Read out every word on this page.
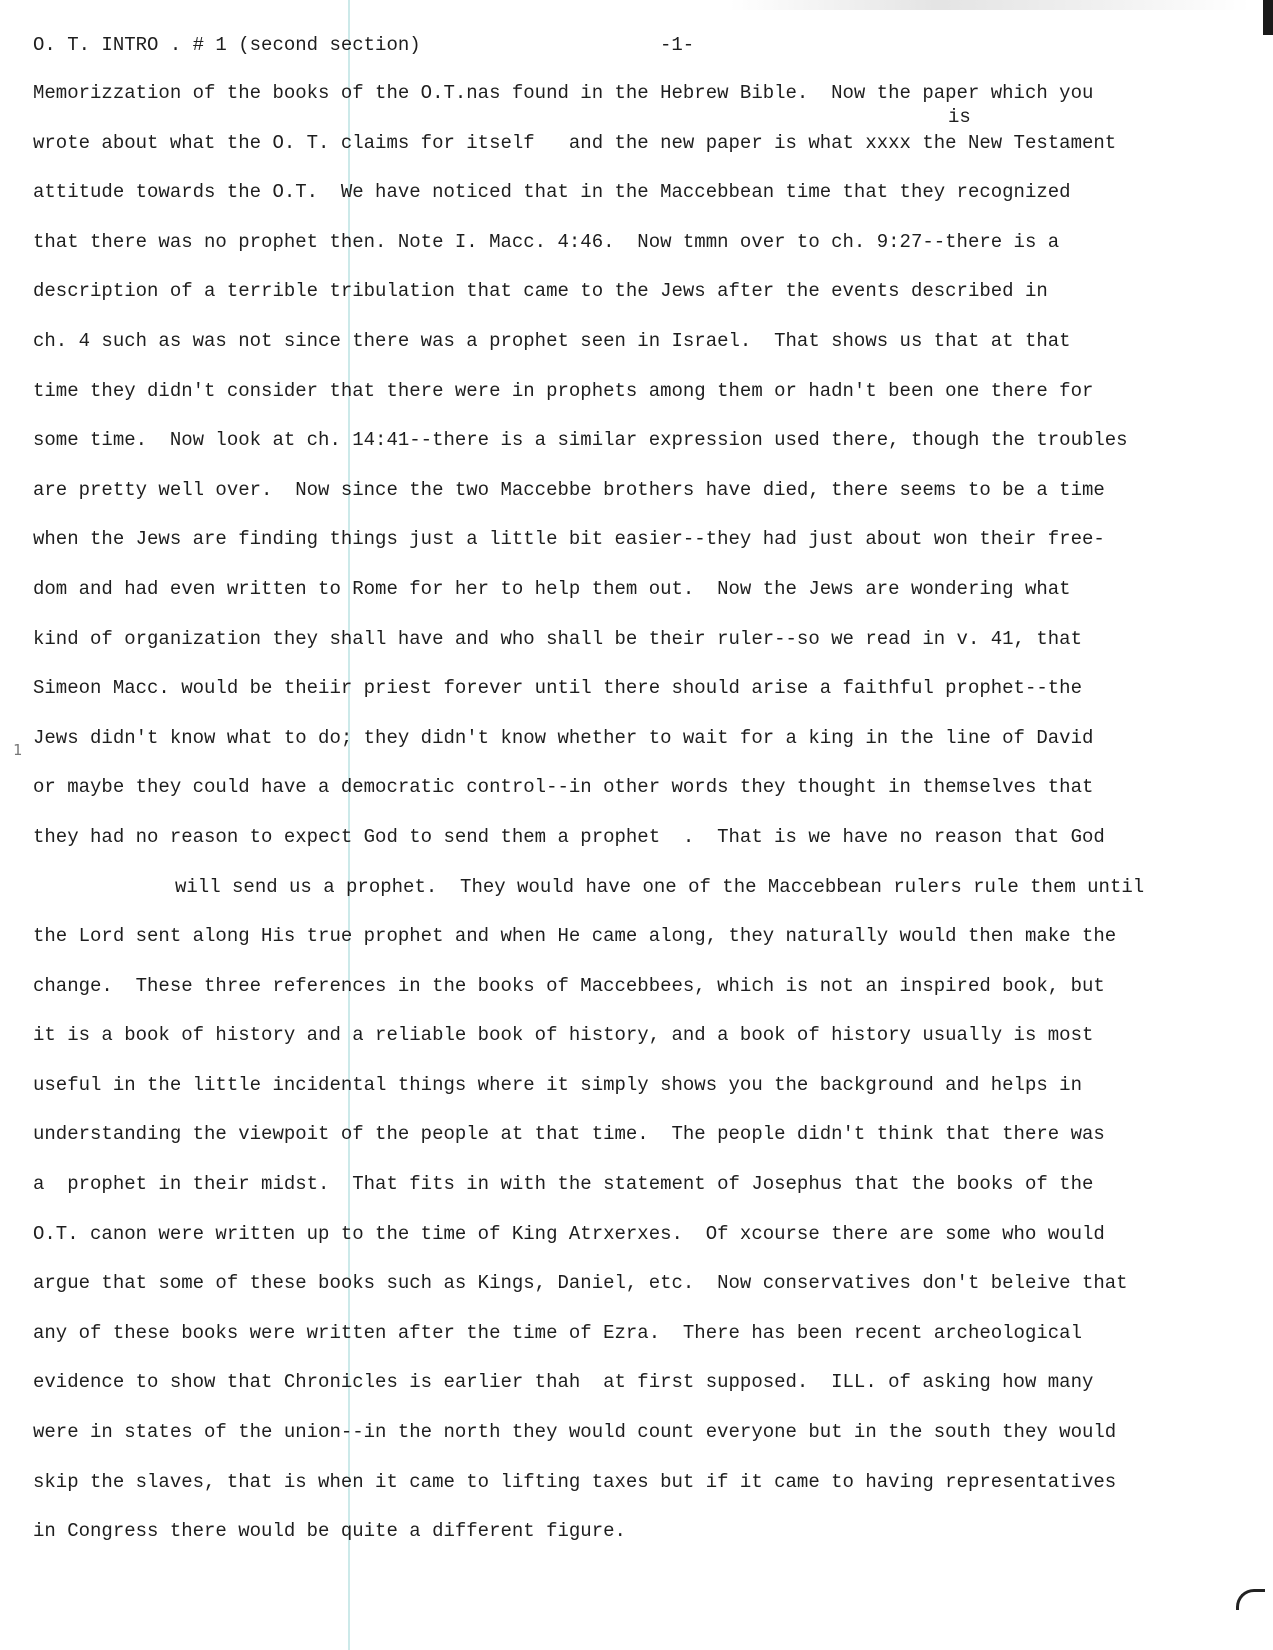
O. T. INTRO . # 1 (second section)

	-1-

is
1
Memorizzation of the books of the O.T.nas found in the Hebrew Bible.  Now the paper which you
wrote about what the O. T. claims for itself   and the new paper is what xxxx the New Testament
attitude towards the O.T.  We have noticed that in the Maccebbean time that they recognized
that there was no prophet then. Note I. Macc. 4:46.  Now tmmn over to ch. 9:27--there is a
description of a terrible tribulation that came to the Jews after the events described in
ch. 4 such as was not since there was a prophet seen in Israel.  That shows us that at that
time they didn't consider that there were in prophets among them or hadn't been one there for
some time.  Now look at ch. 14:41--there is a similar expression used there, though the troubles
are pretty well over.  Now since the two Maccebbe brothers have died, there seems to be a time
when the Jews are finding things just a little bit easier--they had just about won their free-
dom and had even written to Rome for her to help them out.  Now the Jews are wondering what
kind of organization they shall have and who shall be their ruler--so we read in v. 41, that
Simeon Macc. would be theiir priest forever until there should arise a faithful prophet--the
Jews didn't know what to do; they didn't know whether to wait for a king in the line of David
or maybe they could have a democratic control--in other words they thought in themselves that
they had no reason to expect God to send them a prophet  .  That is we have no reason that God
will send us a prophet.  They would have one of the Maccebbean rulers rule them until
the Lord sent along His true prophet and when He came along, they naturally would then make the
change.  These three references in the books of Maccebbees, which is not an inspired book, but
it is a book of history and a reliable book of history, and a book of history usually is most
useful in the little incidental things where it simply shows you the background and helps in
understanding the viewpoit of the people at that time.  The people didn't think that there was
a  prophet in their midst.  That fits in with the statement of Josephus that the books of the
O.T. canon were written up to the time of King Atrxerxes.  Of xcourse there are some who would
argue that some of these books such as Kings, Daniel, etc.  Now conservatives don't beleive that
any of these books were written after the time of Ezra.  There has been recent archeological
evidence to show that Chronicles is earlier thah  at first supposed.  ILL. of asking how many
were in states of the union--in the north they would count everyone but in the south they would
skip the slaves, that is when it came to lifting taxes but if it came to having representatives
in Congress there would be quite a different figure.
